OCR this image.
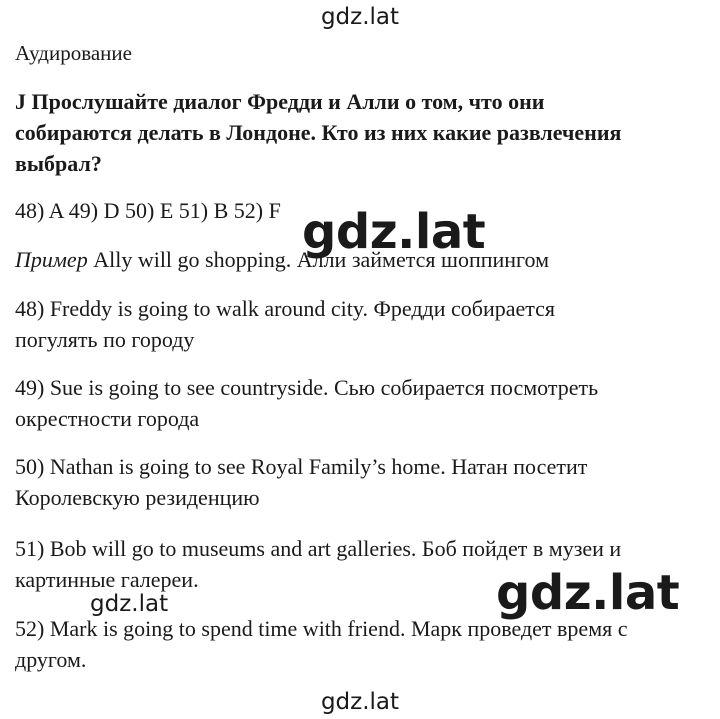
gdz.lat
Аудирование
J Прослушайте диалог Фредди и Алли о том, что они
собираются делать в Лондоне. Кто из них какие развлечения
выбрал?
48) A 49) D 50) E 51) B 52) F
Пример Ally will go shopping. Алли займется шоппингом
48) Freddy is going to walk around city. Фредди собирается
погулять по городу
49) Sue is going to see countryside. Сью собирается посмотреть
окрестности города
50) Nathan is going to see Royal Family’s home. Натан посетит
Королевскую резиденцию
51) Bob will go to museums and art galleries. Боб пойдет в музеи и
картинные галереи.
52) Mark is going to spend time with friend. Марк проведет время с
другом.
gdz.lat
gdz.lat
gdz.lat
gdz.lat
